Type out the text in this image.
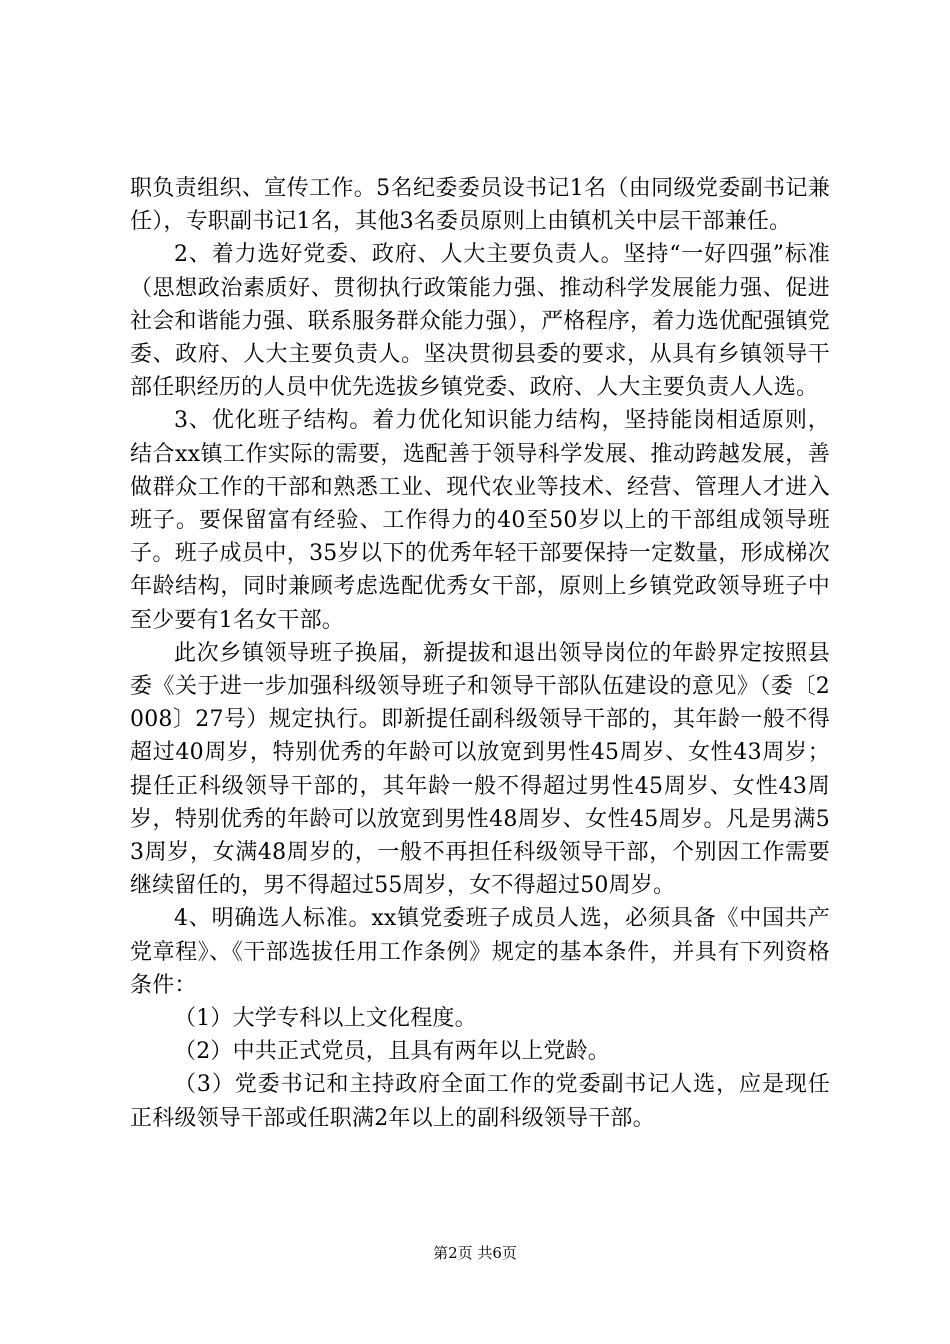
职负责组织、宣传工作。5名纪委委员设书记1名（由同级党委副书记兼任），专职副书记1名，其他3名委员原则上由镇机关中层干部兼任。

2、着力选好党委、政府、人大主要负责人。坚持“一好四强”标准（思想政治素质好、贯彻执行政策能力强、推动科学发展能力强、促进社会和谐能力强、联系服务群众能力强），严格程序，着力选优配强镇党委、政府、人大主要负责人。坚决贯彻县委的要求，从具有乡镇领导干部任职经历的人员中优先选拔乡镇党委、政府、人大主要负责人人选。

3、优化班子结构。着力优化知识能力结构，坚持能岗相适原则，结合xx镇工作实际的需要，选配善于领导科学发展、推动跨越发展，善做群众工作的干部和熟悉工业、现代农业等技术、经营、管理人才进入班子。要保留富有经验、工作得力的40至50岁以上的干部组成领导班子。班子成员中，35岁以下的优秀年轻干部要保持一定数量，形成梯次年龄结构，同时兼顾考虑选配优秀女干部，原则上乡镇党政领导班子中至少要有1名女干部。

此次乡镇领导班子换届，新提拔和退出领导岗位的年龄界定按照县委《关于进一步加强科级领导班子和领导干部队伍建设的意见》（委〔2008〕27号）规定执行。即新提任副科级领导干部的，其年龄一般不得超过40周岁，特别优秀的年龄可以放宽到男性45周岁、女性43周岁；提任正科级领导干部的，其年龄一般不得超过男性45周岁、女性43周岁，特别优秀的年龄可以放宽到男性48周岁、女性45周岁。凡是男满53周岁，女满48周岁的，一般不再担任科级领导干部，个别因工作需要继续留任的，男不得超过55周岁，女不得超过50周岁。

4、明确选人标准。xx镇党委班子成员人选，必须具备《中国共产党章程》、《干部选拔任用工作条例》规定的基本条件，并具有下列资格条件：

（1）大学专科以上文化程度。

（2）中共正式党员，且具有两年以上党龄。

（3）党委书记和主持政府全面工作的党委副书记人选，应是现任正科级领导干部或任职满2年以上的副科级领导干部。

第2页 共6页
